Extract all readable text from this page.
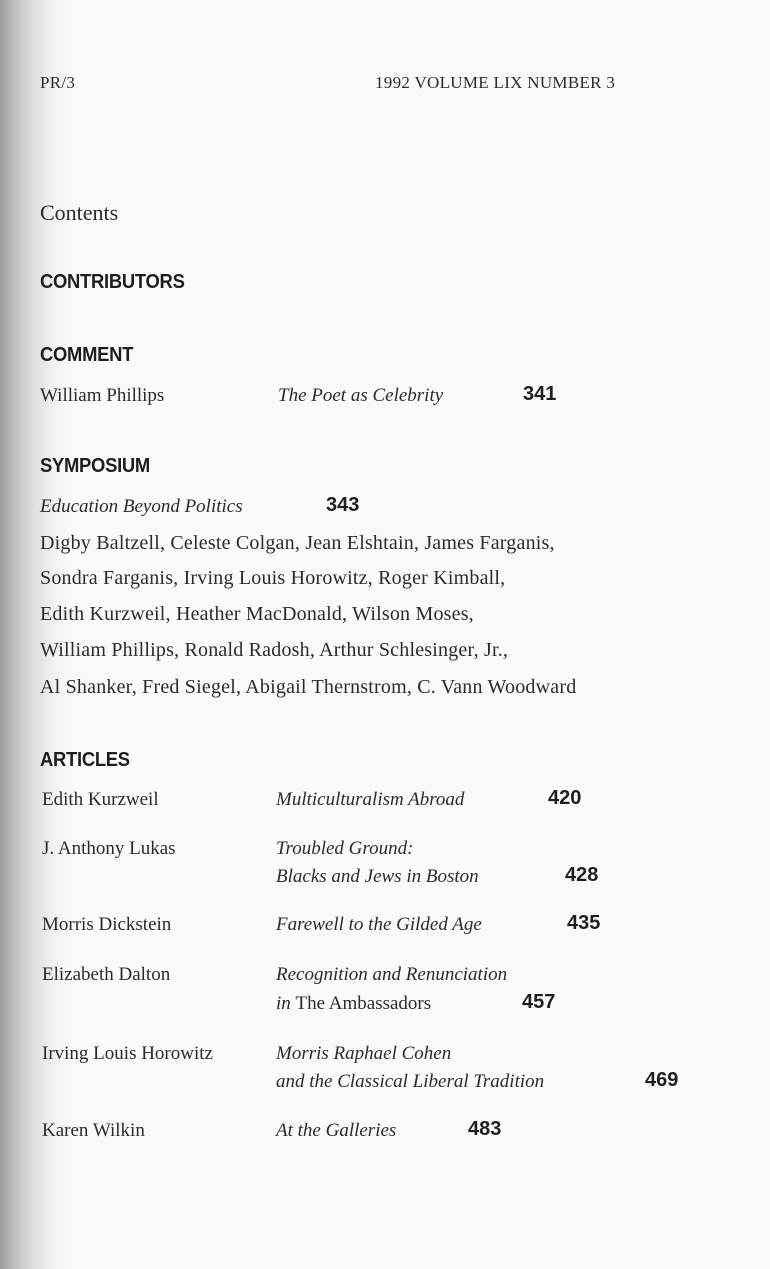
PR/3	1992 VOLUME LIX NUMBER 3
Contents
CONTRIBUTORS
COMMENT
William Phillips	The Poet as Celebrity	341
SYMPOSIUM
Education Beyond Politics	343
Digby Baltzell, Celeste Colgan, Jean Elshtain, James Farganis,
Sondra Farganis, Irving Louis Horowitz, Roger Kimball,
Edith Kurzweil, Heather MacDonald, Wilson Moses,
William Phillips, Ronald Radosh, Arthur Schlesinger, Jr.,
Al Shanker, Fred Siegel, Abigail Thernstrom, C. Vann Woodward
ARTICLES
Edith Kurzweil	Multiculturalism Abroad	420
J. Anthony Lukas	Troubled Ground:
Blacks and Jews in Boston	428
Morris Dickstein	Farewell to the Gilded Age	435
Elizabeth Dalton	Recognition and Renunciation
in The Ambassadors	457
Irving Louis Horowitz	Morris Raphael Cohen
and the Classical Liberal Tradition	469
Karen Wilkin	At the Galleries	483
